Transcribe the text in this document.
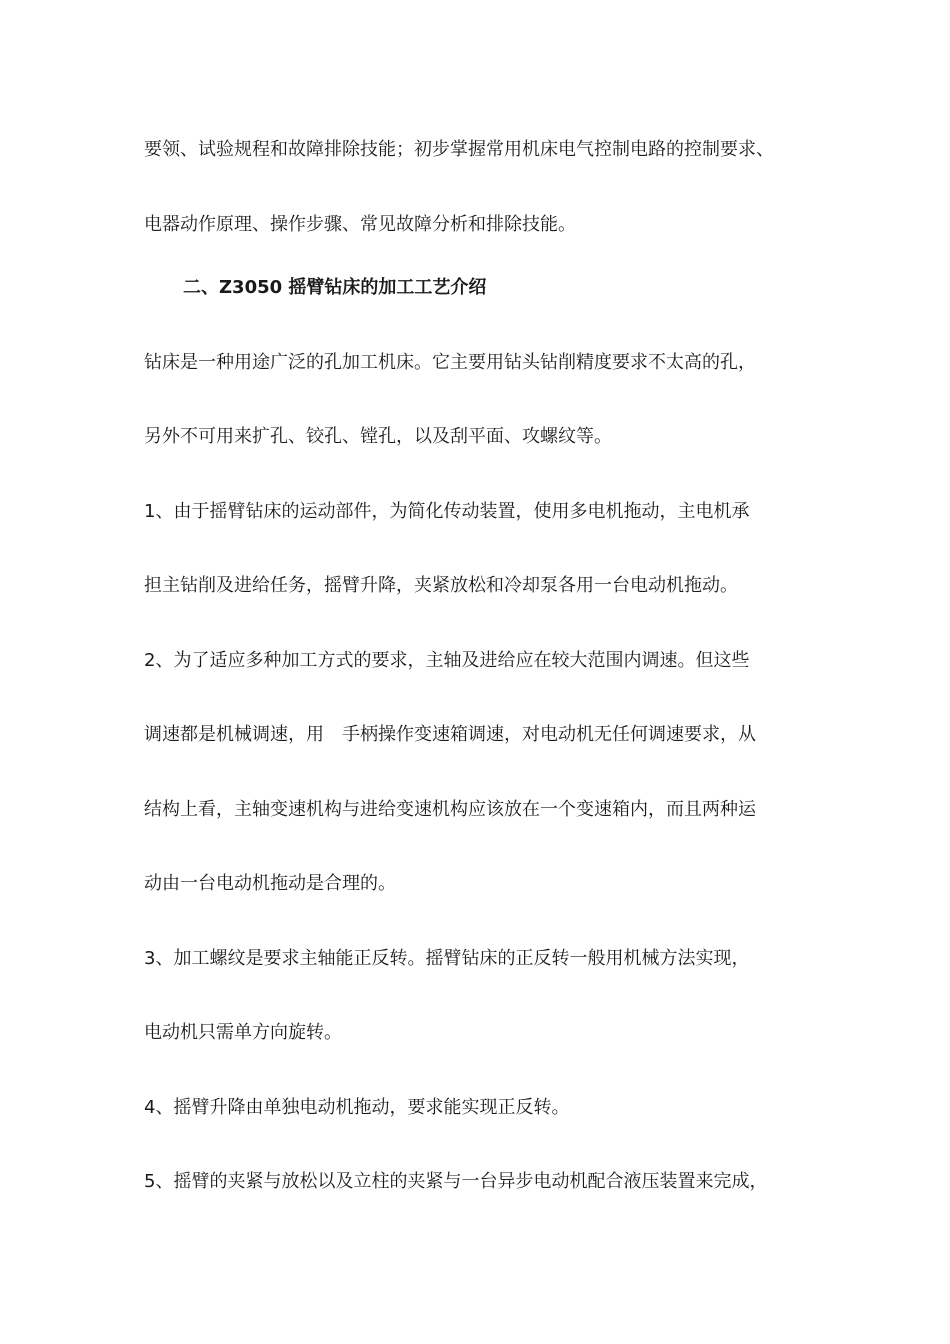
要领、试验规程和故障排除技能；初步掌握常用机床电气控制电路的控制要求、
电器动作原理、操作步骤、常见故障分析和排除技能。
二、Z3050 摇臂钻床的加工工艺介绍
钻床是一种用途广泛的孔加工机床。它主要用钻头钻削精度要求不太高的孔，
另外不可用来扩孔、铰孔、镗孔，以及刮平面、攻螺纹等。
1、由于摇臂钻床的运动部件，为简化传动装置，使用多电机拖动，主电机承
担主钻削及进给任务，摇臂升降，夹紧放松和冷却泵各用一台电动机拖动。
2、为了适应多种加工方式的要求，主轴及进给应在较大范围内调速。但这些
调速都是机械调速，用　手柄操作变速箱调速，对电动机无任何调速要求，从
结构上看，主轴变速机构与进给变速机构应该放在一个变速箱内，而且两种运
动由一台电动机拖动是合理的。
3、加工螺纹是要求主轴能正反转。摇臂钻床的正反转一般用机械方法实现，
电动机只需单方向旋转。
4、摇臂升降由单独电动机拖动，要求能实现正反转。
5、摇臂的夹紧与放松以及立柱的夹紧与一台异步电动机配合液压装置来完成，
